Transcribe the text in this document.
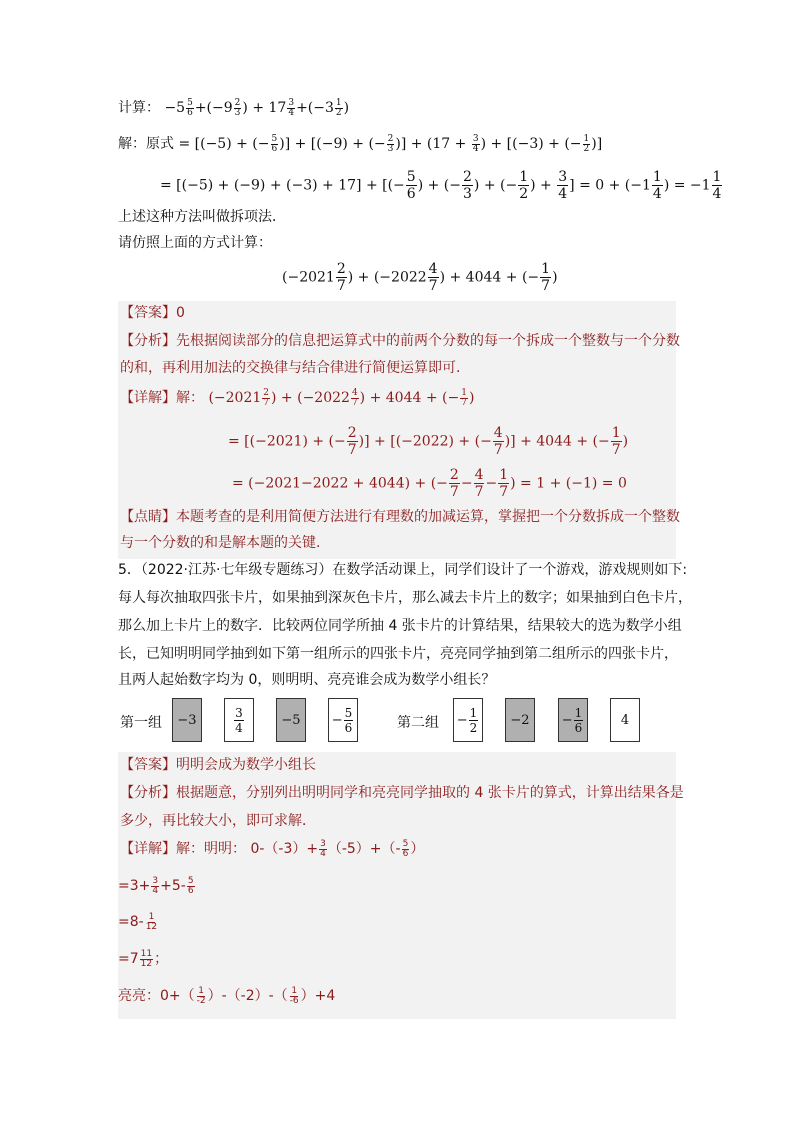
计算： $-5 \frac{5}{6} +(-9 \frac{2}{3}$ ) + $17 \frac{3}{4} +(-3 \frac{1}{2}$ )
解：原式 = [(−5) + (− $\frac{5}{6}$ )] + [(−9) + (− $\frac{2}{3}$ )] + ($17 + \frac{3}{4}$ ) + [(−3) + (− $\frac{1}{2}$ )]
= [(−5) + (−9) + (−3) + 17] + [(− $\frac{5}{6}$ ) + (− $\frac{2}{3}$ ) + (− $\frac{1}{2}$ ) + $\frac{3}{4}$ ] = $0 + (-1 \frac{1}{4}$ ) = $-1 \frac{1}{4}$
上述这种方法叫做拆项法．
请仿照上面的方式计算：
($-2021 \frac{2}{7}$ ) + ($-2022 \frac{4}{7}$ ) + 4044 + (− $\frac{1}{7}$ )
【答案】0
【分析】先根据阅读部分的信息把运算式中的前两个分数的每一个拆成一个整数与一个分数
的和，再利用加法的交换律与结合律进行简便运算即可.
【详解】解： ($-2021 \frac{2}{7}$ ) + ($-2022 \frac{4}{7}$ ) + 4044 + (− $\frac{1}{7}$ )
= [(−2021) + (− $\frac{2}{7}$ )] + [(−2022) + (− $\frac{4}{7}$ )] + 4044 + (− $\frac{1}{7}$ )
= (−2021−2022 + 4044) + (− $\frac{2}{7} - \frac{4}{7} - \frac{1}{7}$ ) = 1 + (−1) = 0
【点睛】本题考查的是利用简便方法进行有理数的加减运算，掌握把一个分数拆成一个整数
与一个分数的和是解本题的关键.
5．（2022·江苏·七年级专题练习）在数学活动课上，同学们设计了一个游戏，游戏规则如下:
每人每次抽取四张卡片，如果抽到深灰色卡片，那么减去卡片上的数字；如果抽到白色卡片，
那么加上卡片上的数字．比较两位同学所抽 4 张卡片的计算结果，结果较大的选为数学小组
长，已知明明同学抽到如下第一组所示的四张卡片，亮亮同学抽到第二组所示的四张卡片，
且两人起始数字均为 0，则明明、亮亮谁会成为数学小组长？
第一组	−3	$\frac{3}{4}$	−5	− $\frac{5}{6}$	第二组 − $\frac{1}{2}$	−2	− $\frac{1}{6}$	4
【答案】明明会成为数学小组长
【分析】根据题意，分别列出明明同学和亮亮同学抽取的 4 张卡片的算式，计算出结果各是
多少，再比较大小，即可求解．
【详解】解：明明： $0-(-3)+ \frac{3}{4} (-5)+(- \frac{5}{6}$ ）
$=3+ \frac{3}{4} +5- \frac{5}{6}$
$=8- \frac{1}{12}$
$=7 \frac{11}{12}$ ；
亮亮：$0+( \frac{1}{-2} )-(-2)-( \frac{1}{-6} )+4$
